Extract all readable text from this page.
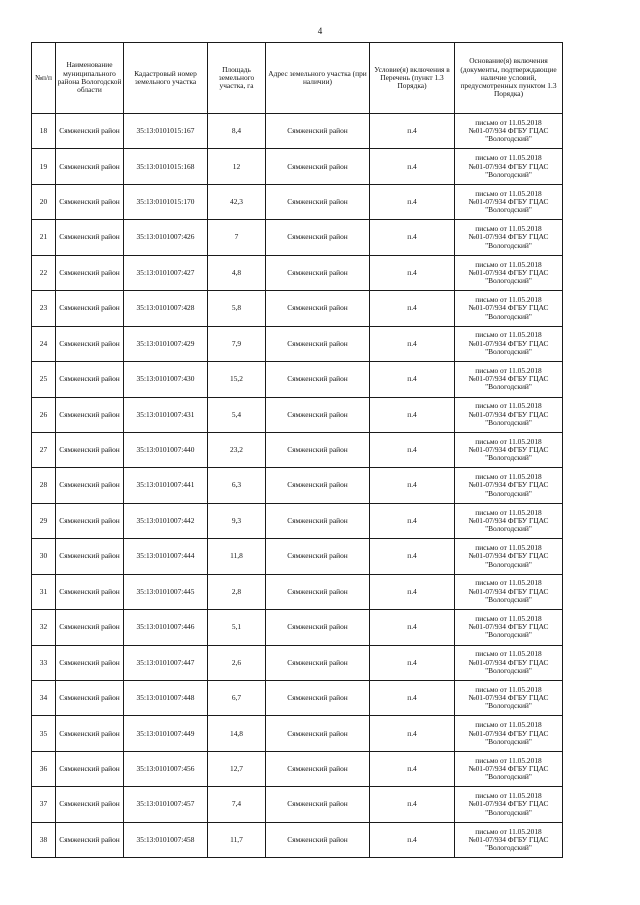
4
№п/п	Наименование муниципального района Вологодской области	Кадастровый номер земельного участка	Площадь земельного участка, га	Адрес земельного участка (при наличии)	Условие(я) включения в Перечень (пункт 1.3 Порядка)	Основание(я) включения (документы, подтверждающие наличие условий, предусмотренных пунктом 1.3 Порядка)
18	Сямженский район	35:13:0101015:167	8,4	Сямженский район	п.4	письмо от 11.05.2018
№01-07/934 ФГБУ ГЦАС
"Вологодский"

19	Сямженский район	35:13:0101015:168	12	Сямженский район	п.4	письмо от 11.05.2018
№01-07/934 ФГБУ ГЦАС
"Вологодский"

20	Сямженский район	35:13:0101015:170	42,3	Сямженский район	п.4	письмо от 11.05.2018
№01-07/934 ФГБУ ГЦАС
"Вологодский"

21	Сямженский район	35:13:0101007:426	7	Сямженский район	п.4	письмо от 11.05.2018
№01-07/934 ФГБУ ГЦАС
"Вологодский"

22	Сямженский район	35:13:0101007:427	4,8	Сямженский район	п.4	письмо от 11.05.2018
№01-07/934 ФГБУ ГЦАС
"Вологодский"

23	Сямженский район	35:13:0101007:428	5,8	Сямженский район	п.4	письмо от 11.05.2018
№01-07/934 ФГБУ ГЦАС
"Вологодский"

24	Сямженский район	35:13:0101007:429	7,9	Сямженский район	п.4	письмо от 11.05.2018
№01-07/934 ФГБУ ГЦАС
"Вологодский"

25	Сямженский район	35:13:0101007:430	15,2	Сямженский район	п.4	письмо от 11.05.2018
№01-07/934 ФГБУ ГЦАС
"Вологодский"

26	Сямженский район	35:13:0101007:431	5,4	Сямженский район	п.4	письмо от 11.05.2018
№01-07/934 ФГБУ ГЦАС
"Вологодский"

27	Сямженский район	35:13:0101007:440	23,2	Сямженский район	п.4	письмо от 11.05.2018
№01-07/934 ФГБУ ГЦАС
"Вологодский"

28	Сямженский район	35:13:0101007:441	6,3	Сямженский район	п.4	письмо от 11.05.2018
№01-07/934 ФГБУ ГЦАС
"Вологодский"

29	Сямженский район	35:13:0101007:442	9,3	Сямженский район	п.4	письмо от 11.05.2018
№01-07/934 ФГБУ ГЦАС
"Вологодский"

30	Сямженский район	35:13:0101007:444	11,8	Сямженский район	п.4	письмо от 11.05.2018
№01-07/934 ФГБУ ГЦАС
"Вологодский"

31	Сямженский район	35:13:0101007:445	2,8	Сямженский район	п.4	письмо от 11.05.2018
№01-07/934 ФГБУ ГЦАС
"Вологодский"

32	Сямженский район	35:13:0101007:446	5,1	Сямженский район	п.4	письмо от 11.05.2018
№01-07/934 ФГБУ ГЦАС
"Вологодский"

33	Сямженский район	35:13:0101007:447	2,6	Сямженский район	п.4	письмо от 11.05.2018
№01-07/934 ФГБУ ГЦАС
"Вологодский"

34	Сямженский район	35:13:0101007:448	6,7	Сямженский район	п.4	письмо от 11.05.2018
№01-07/934 ФГБУ ГЦАС
"Вологодский"

35	Сямженский район	35:13:0101007:449	14,8	Сямженский район	п.4	письмо от 11.05.2018
№01-07/934 ФГБУ ГЦАС
"Вологодский"

36	Сямженский район	35:13:0101007:456	12,7	Сямженский район	п.4	письмо от 11.05.2018
№01-07/934 ФГБУ ГЦАС
"Вологодский"

37	Сямженский район	35:13:0101007:457	7,4	Сямженский район	п.4	письмо от 11.05.2018
№01-07/934 ФГБУ ГЦАС
"Вологодский"

38	Сямженский район	35:13:0101007:458	11,7	Сямженский район	п.4	письмо от 11.05.2018
№01-07/934 ФГБУ ГЦАС
"Вологодский"
